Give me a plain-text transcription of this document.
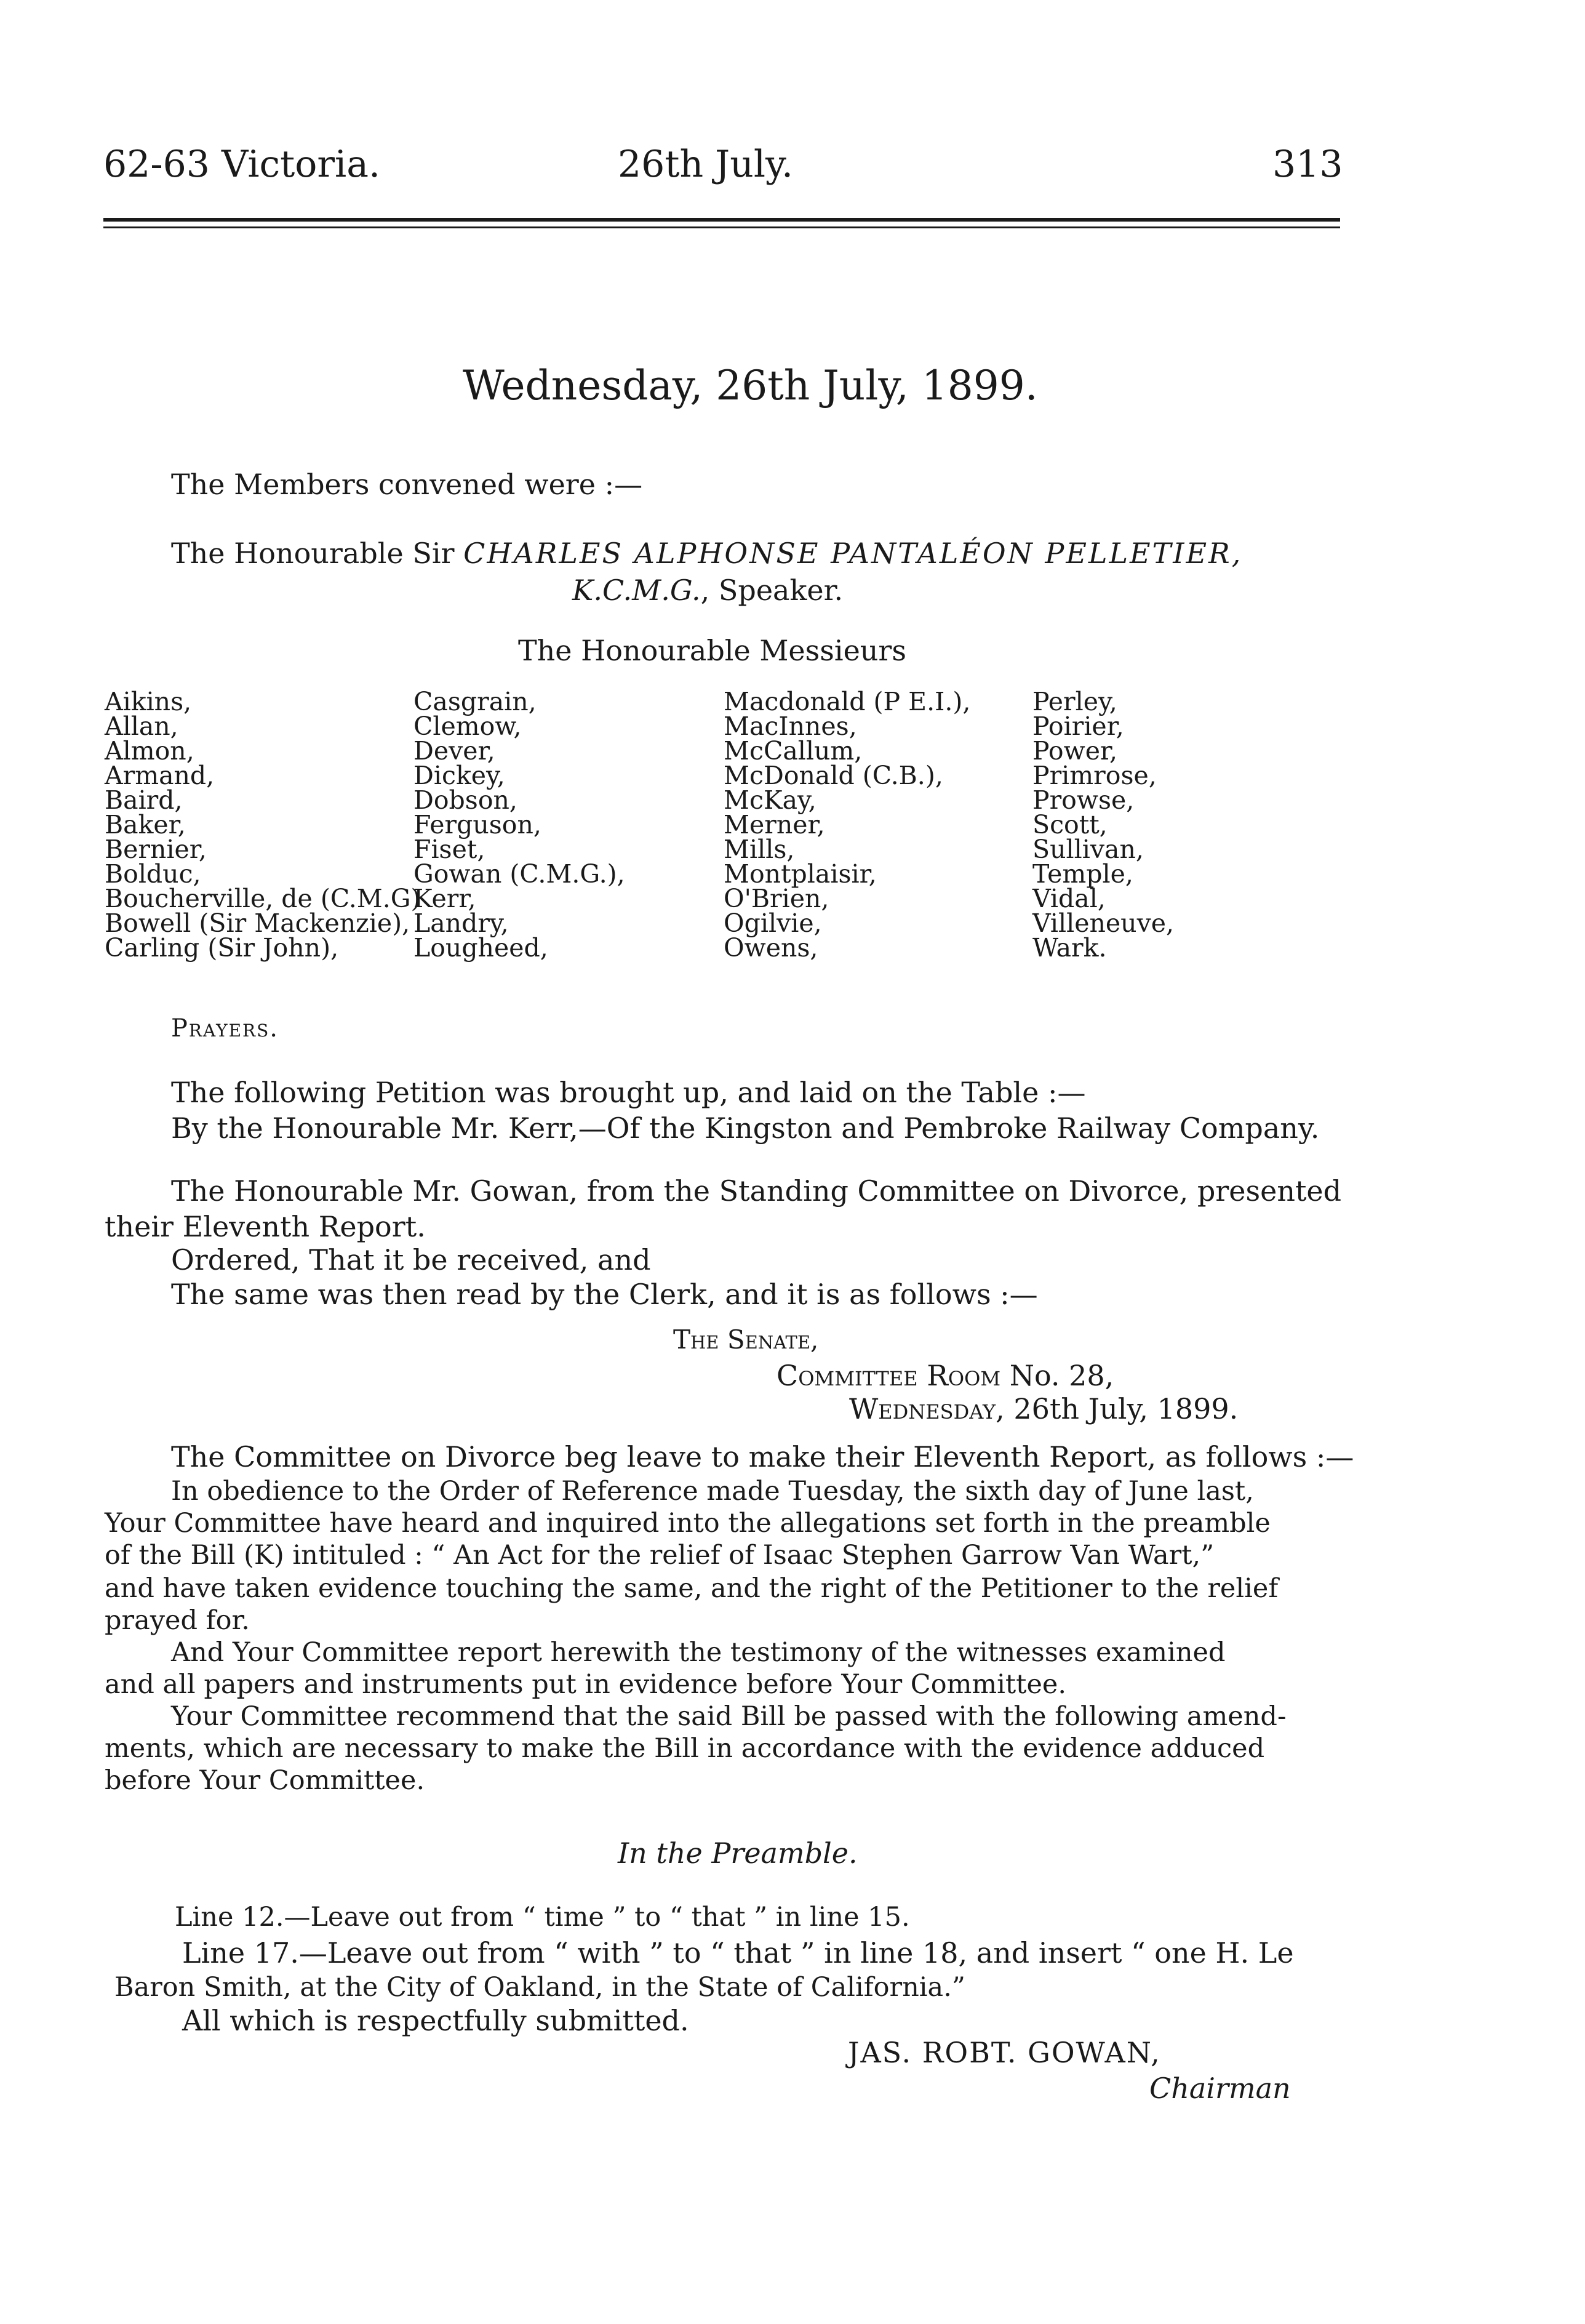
62-63 Victoria.	26th July.	313
Wednesday, 26th July, 1899.
The Members convened were :—
The Honourable Sir CHARLES ALPHONSE PANTALÉON PELLETIER,
K.C.M.G., Speaker.
The Honourable Messieurs
Aikins,
Allan,
Almon,
Armand,
Baird,
Baker,
Bernier,
Bolduc,
Boucherville, de (C.M.G)
Bowell (Sir Mackenzie),
Carling (Sir John),
Casgrain,
Clemow,
Dever,
Dickey,
Dobson,
Ferguson,
Fiset,
Gowan (C.M.G.),
Kerr,
Landry,
Lougheed,
Macdonald (P E.I.),
MacInnes,
McCallum,
McDonald (C.B.),
McKay,
Merner,
Mills,
Montplaisir,
O'Brien,
Ogilvie,
Owens,
Perley,
Poirier,
Power,
Primrose,
Prowse,
Scott,
Sullivan,
Temple,
Vidal,
Villeneuve,
Wark.
Prayers.
The following Petition was brought up, and laid on the Table :—
By the Honourable Mr. Kerr,—Of the Kingston and Pembroke Railway Company.
The Honourable Mr. Gowan, from the Standing Committee on Divorce, presented
their Eleventh Report.
Ordered, That it be received, and
The same was then read by the Clerk, and it is as follows :—
The Senate,
Committee Room No. 28,
Wednesday, 26th July, 1899.
The Committee on Divorce beg leave to make their Eleventh Report, as follows :—
In obedience to the Order of Reference made Tuesday, the sixth day of June last,
Your Committee have heard and inquired into the allegations set forth in the preamble
of the Bill (K) intituled : “ An Act for the relief of Isaac Stephen Garrow Van Wart,”
and have taken evidence touching the same, and the right of the Petitioner to the relief
prayed for.
And Your Committee report herewith the testimony of the witnesses examined
and all papers and instruments put in evidence before Your Committee.
Your Committee recommend that the said Bill be passed with the following amend-
ments, which are necessary to make the Bill in accordance with the evidence adduced
before Your Committee.
In the Preamble.
Line 12.—Leave out from “ time ” to “ that ” in line 15.
Line 17.—Leave out from “ with ” to “ that ” in line 18, and insert “ one H. Le
Baron Smith, at the City of Oakland, in the State of California.”
All which is respectfully submitted.
JAS. ROBT. GOWAN,
Chairman
